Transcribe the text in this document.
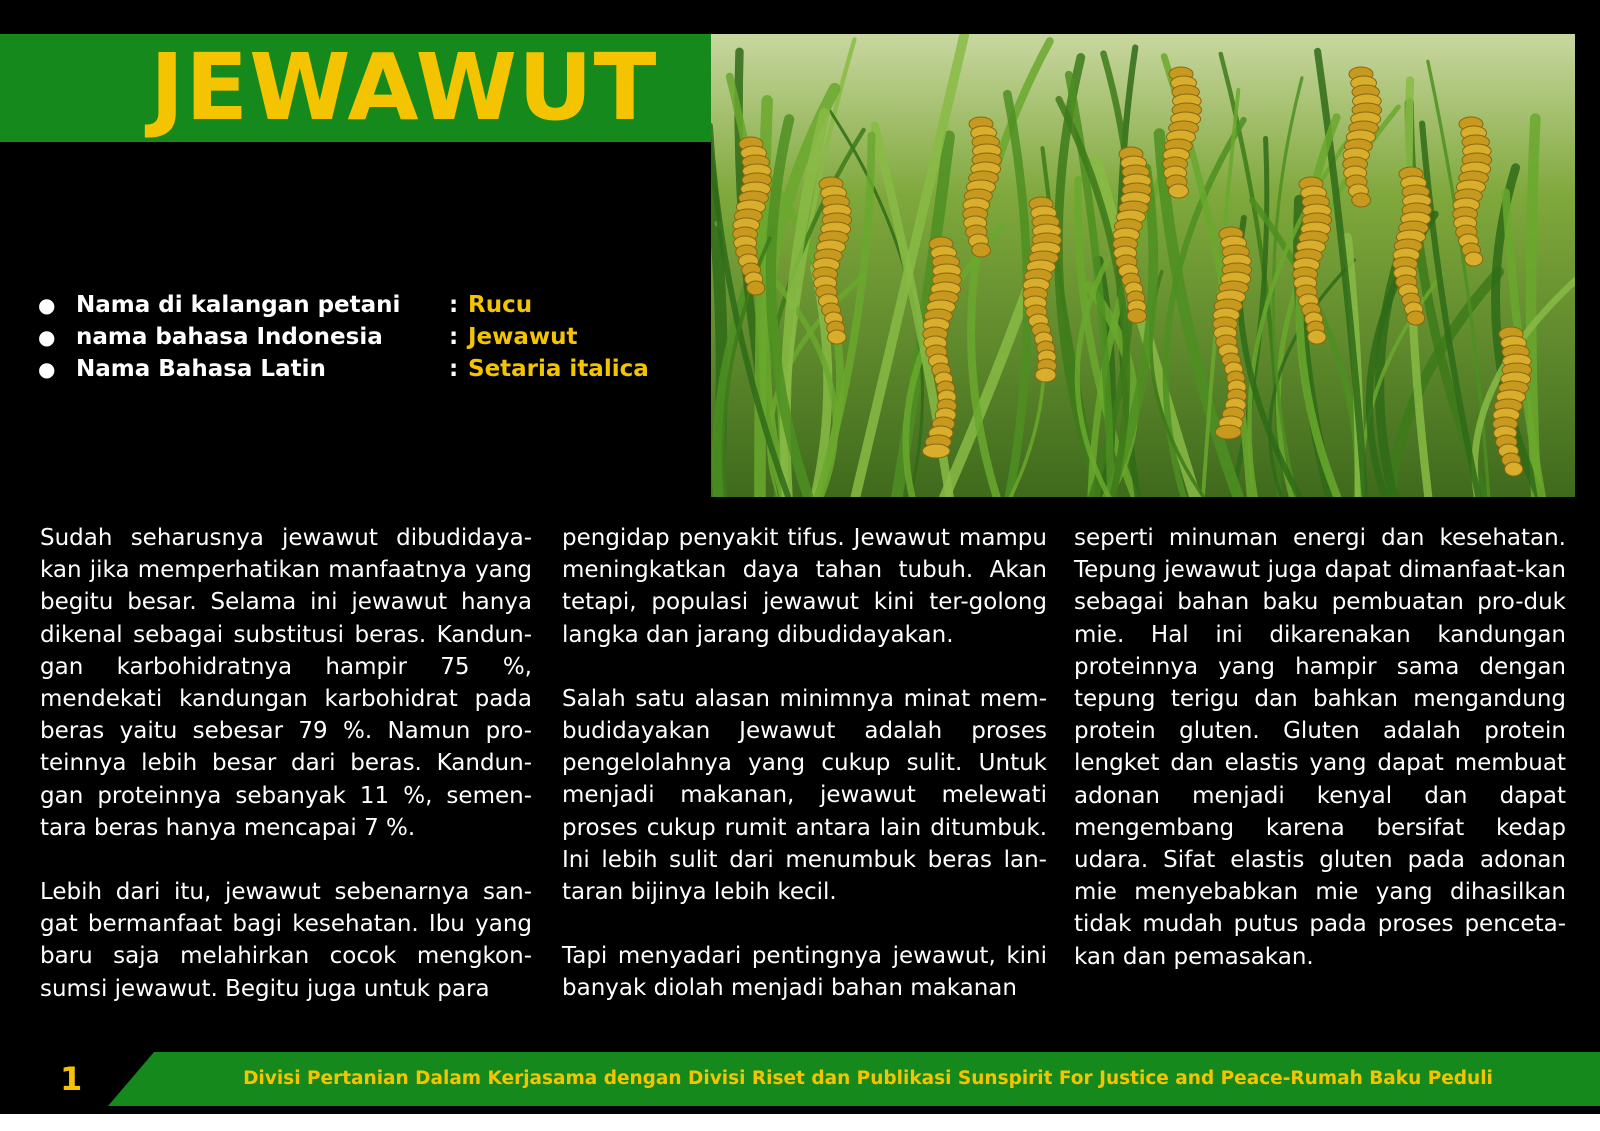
JEWAWUT
● Nama di kalangan petani : Rucu
● nama bahasa Indonesia	: Jewawut
● Nama Bahasa Latin	: Setaria italica

Sudah seharusnya jewawut dibudidaya-kan jika memperhatikan manfaatnya yang begitu besar. Selama ini jewawut hanya dikenal sebagai substitusi beras. Kandun-gan karbohidratnya hampir 75 %, mendekati kandungan karbohidrat pada beras yaitu sebesar 79 %. Namun pro-teinnya lebih besar dari beras. Kandun-gan proteinnya sebanyak 11 %, semen-tara beras hanya mencapai 7 %.

Lebih dari itu, jewawut sebenarnya san-gat bermanfaat bagi kesehatan. Ibu yang baru saja melahirkan cocok mengkon-sumsi jewawut. Begitu juga untuk para

pengidap penyakit tifus. Jewawut mampu meningkatkan daya tahan tubuh. Akan tetapi, populasi jewawut kini ter-golong langka dan jarang dibudidayakan.

Salah satu alasan minimnya minat mem-budidayakan Jewawut adalah proses pengelolahnya yang cukup sulit. Untuk menjadi makanan, jewawut melewati proses cukup rumit antara lain ditumbuk. Ini lebih sulit dari menumbuk beras lan-taran bijinya lebih kecil.

Tapi menyadari pentingnya jewawut, kini banyak diolah menjadi bahan makanan

seperti minuman energi dan kesehatan. Tepung jewawut juga dapat dimanfaat-kan sebagai bahan baku pembuatan pro-duk mie. Hal ini dikarenakan kandungan proteinnya yang hampir sama dengan tepung terigu dan bahkan mengandung protein gluten. Gluten adalah protein lengket dan elastis yang dapat membuat adonan menjadi kenyal dan dapat mengembang karena bersifat kedap udara. Sifat elastis gluten pada adonan mie menyebabkan mie yang dihasilkan tidak mudah putus pada proses penceta-kan dan pemasakan.

1	Divisi Pertanian Dalam Kerjasama dengan Divisi Riset dan Publikasi Sunspirit For Justice and Peace-Rumah Baku Peduli
